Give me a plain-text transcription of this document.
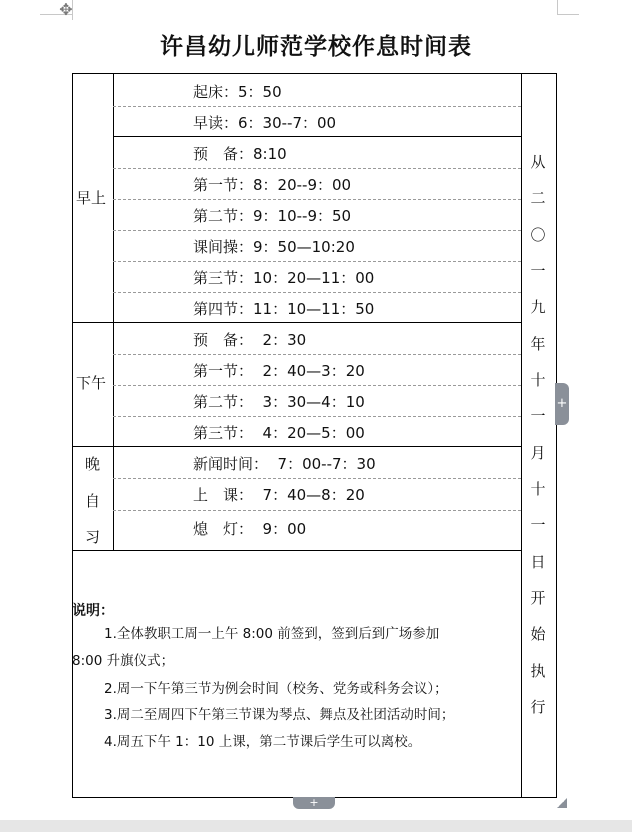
✥
许昌幼儿师范学校作息时间表
早上
下午
晚
自
习
起床：5：50
早读：6：30--7：00
预　备：8:10
第一节：8：20--9：00
第二节：9：10--9：50
课间操：9：50—10:20
第三节：10：20—11：00
第四节：11：10—11：50
预　备：  2：30
第一节：  2：40—3：20
第二节：  3：30—4：10
第三节：  4：20—5：00
新闻时间：  7：00--7：30
上　课：  7：40—8：20
熄　灯：  9：00
从
二
〇
一
九
年
十
一
月
十
一
日
开
始
执
行
说明：
1.全体教职工周一上午 8:00 前签到，签到后到广场参加
8:00 升旗仪式；
2.周一下午第三节为例会时间（校务、党务或科务会议）；
3.周二至周四下午第三节课为琴点、舞点及社团活动时间；
4.周五下午 1：10 上课，第二节课后学生可以离校。
+
+
